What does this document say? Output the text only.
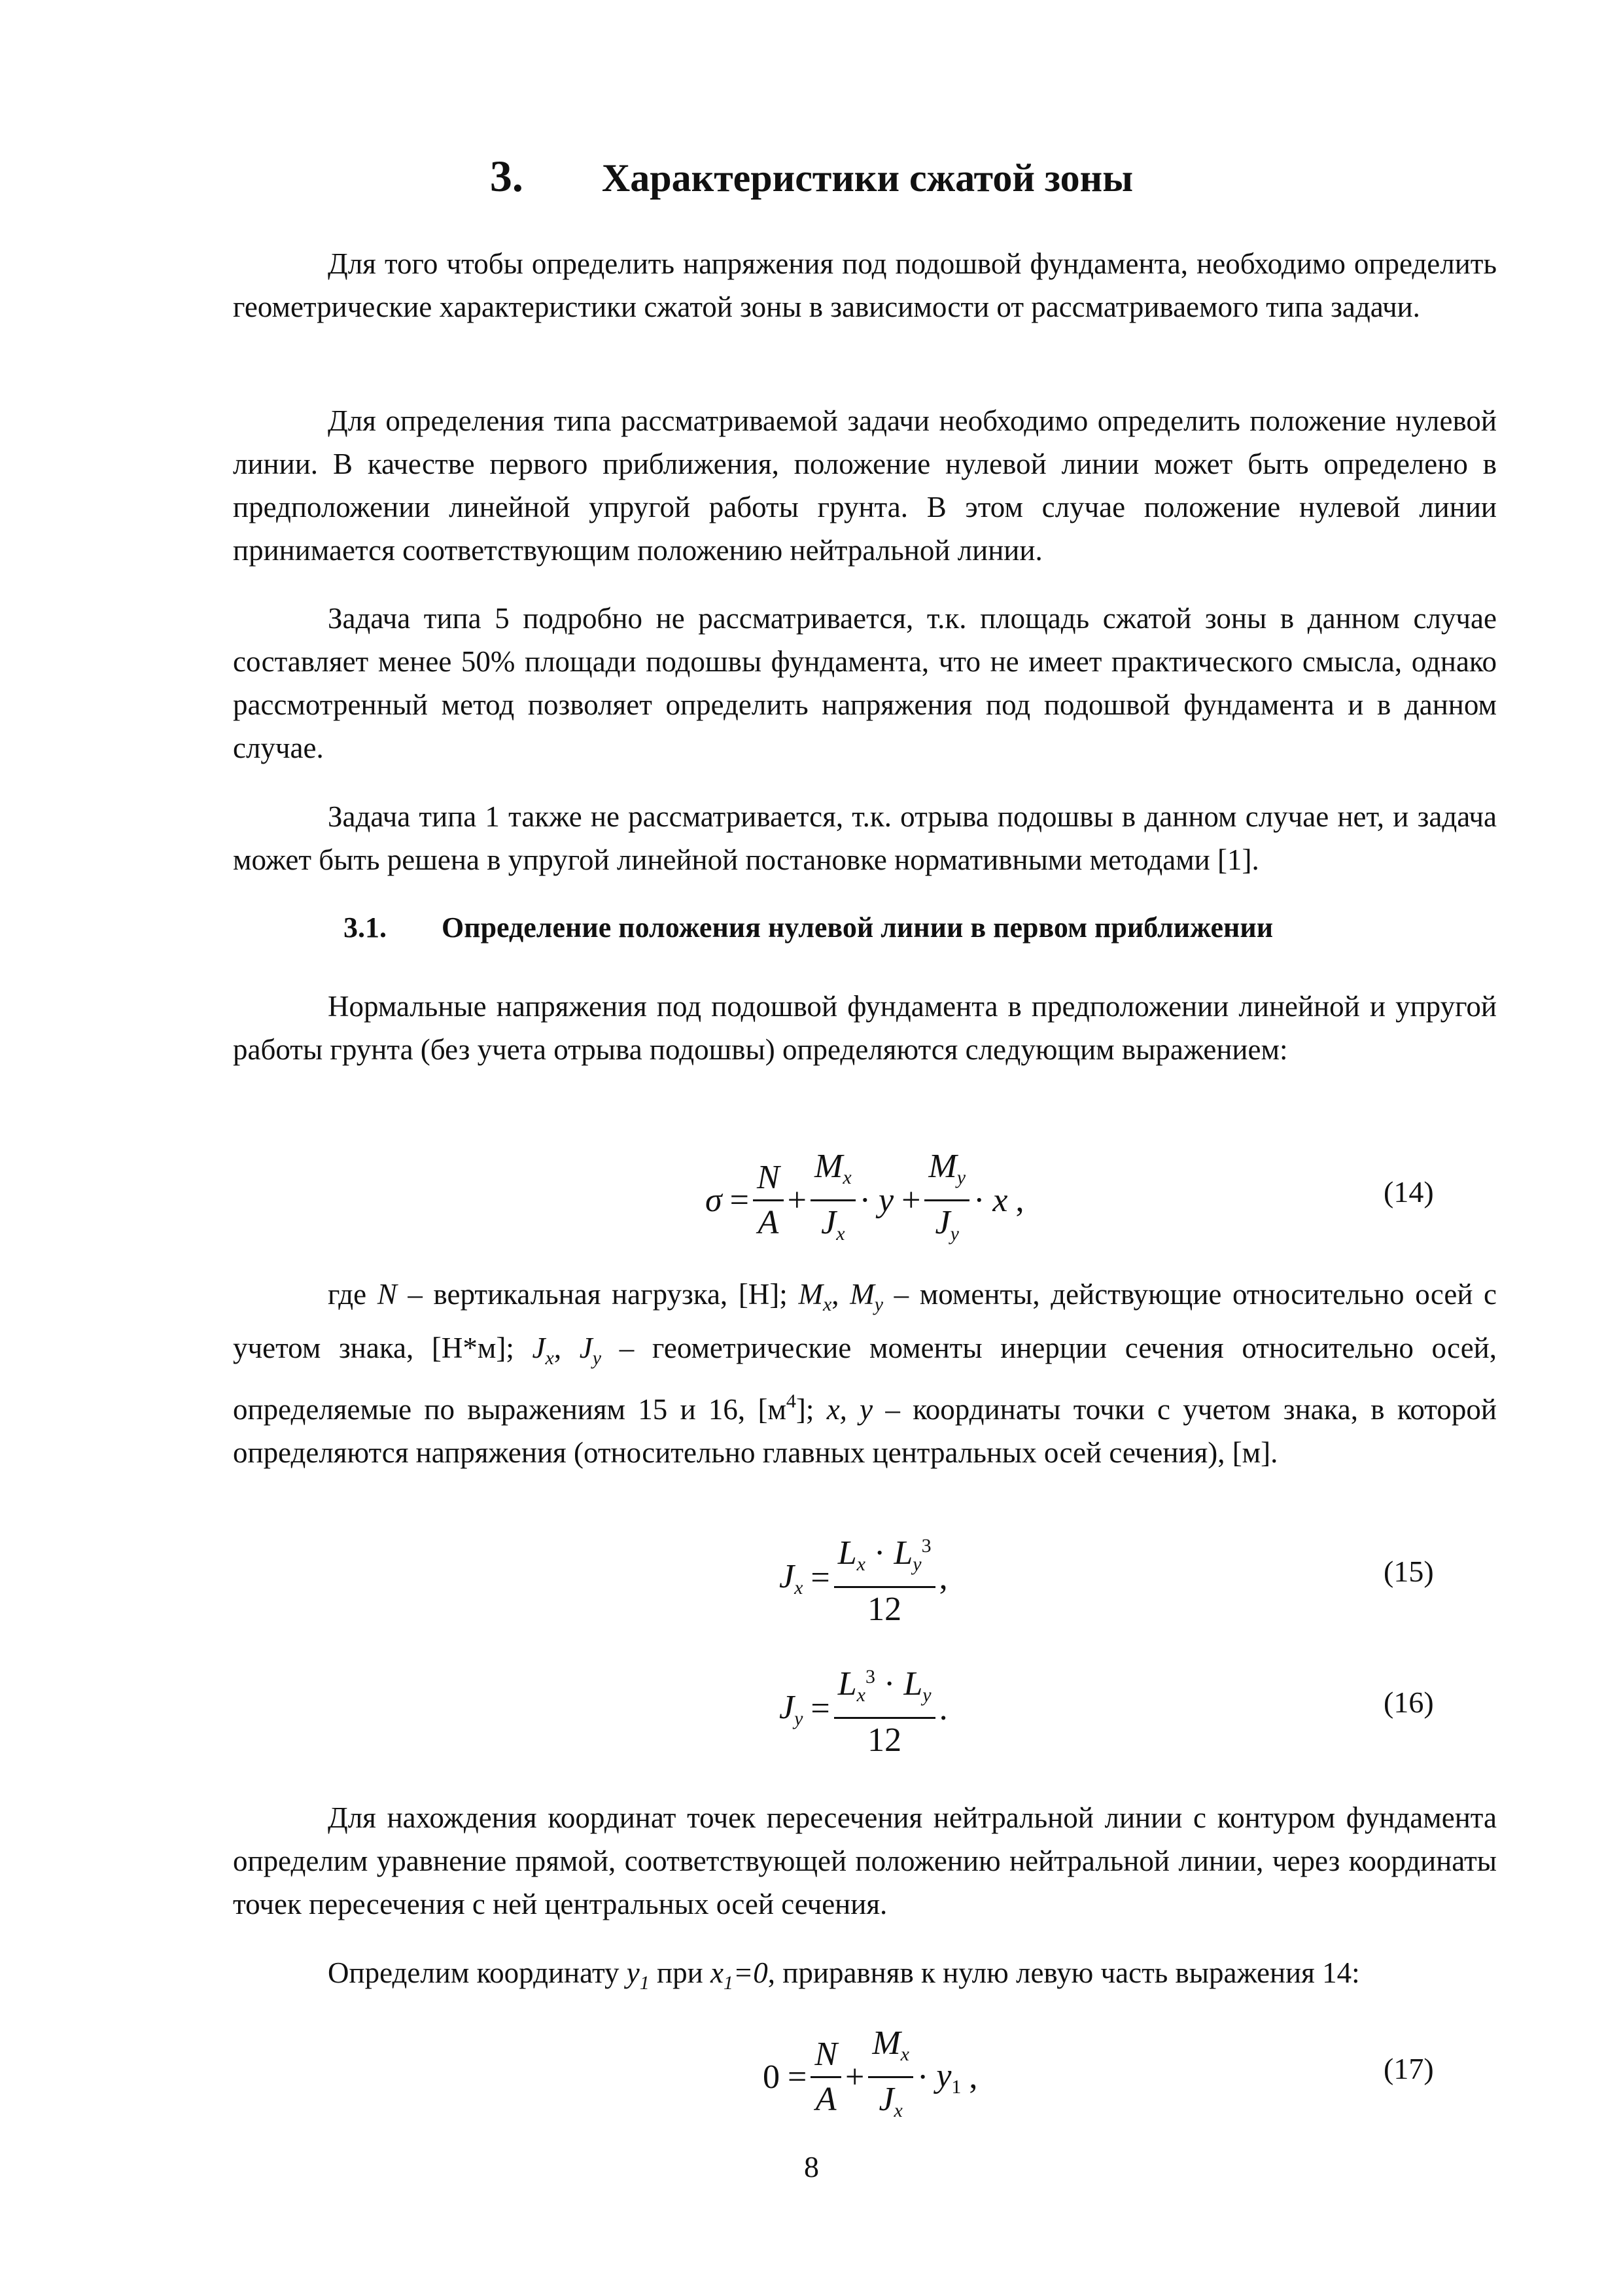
3. Характеристики сжатой зоны

Для того чтобы определить напряжения под подошвой фундамента, необходимо определить геометрические характеристики сжатой зоны в зависимости от рассматриваемого типа задачи.

Для определения типа рассматриваемой задачи необходимо определить положение нулевой линии. В качестве первого приближения, положение нулевой линии может быть определено в предположении линейной упругой работы грунта. В этом случае положение нулевой линии принимается соответствующим положению нейтральной линии.

Задача типа 5 подробно не рассматривается, т.к. площадь сжатой зоны в данном случае составляет менее 50% площади подошвы фундамента, что не имеет практического смысла, однако рассмотренный метод позволяет определить напряжения под подошвой фундамента и в данном случае.

Задача типа 1 также не рассматривается, т.к. отрыва подошвы в данном случае нет, и задача может быть решена в упругой линейной постановке нормативными методами [1].

3.1. Определение положения нулевой линии в первом приближении

Нормальные напряжения под подошвой фундамента в предположении линейной и упругой работы грунта (без учета отрыва подошвы) определяются следующим выражением:

$\sigma = \frac{N}{A} + \frac{M_x}{J_x} \cdot y + \frac{M_y}{J_y} \cdot x$ ,	(14)

где N – вертикальная нагрузка, [Н]; $M_x$, $M_y$ – моменты, действующие относительно осей с учетом знака, [Н*м]; $J_x$, $J_y$ – геометрические моменты инерции сечения относительно осей, определяемые по выражениям 15 и 16, $[м^4]$; x, y – координаты точки с учетом знака, в которой определяются напряжения (относительно главных центральных осей сечения), [м].

$J_x = \frac{L_x \cdot L_y^3}{12}$ ,	(15)
$J_y = \frac{L_x^3 \cdot L_y}{12}$ .	(16)

Для нахождения координат точек пересечения нейтральной линии с контуром фундамента определим уравнение прямой, соответствующей положению нейтральной линии, через координаты точек пересечения с ней центральных осей сечения.

Определим координату $y_1$ при $x_1=0$, приравняв к нулю левую часть выражения 14:

$0 = \frac{N}{A} + \frac{M_x}{J_x} \cdot y_1$ ,	(17)
8
